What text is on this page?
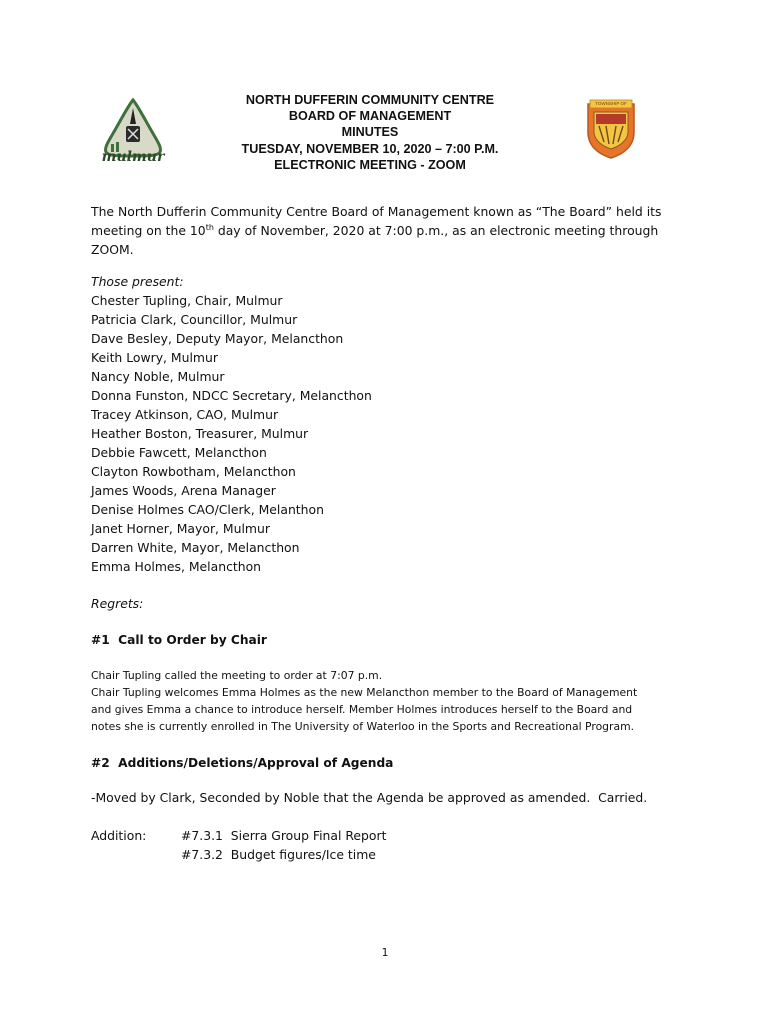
mulmur
NORTH DUFFERIN COMMUNITY CENTRE
BOARD OF MANAGEMENT
MINUTES
TUESDAY, NOVEMBER 10, 2020 – 7:00 P.M.
ELECTRONIC MEETING - ZOOM
TOWNSHIP OF
The North Dufferin Community Centre Board of Management known as “The Board” held its
meeting on the 10th day of November, 2020 at 7:00 p.m., as an electronic meeting through
ZOOM.
Those present:
Chester Tupling, Chair, Mulmur
Patricia Clark, Councillor, Mulmur
Dave Besley, Deputy Mayor, Melancthon
Keith Lowry, Mulmur
Nancy Noble, Mulmur
Donna Funston, NDCC Secretary, Melancthon
Tracey Atkinson, CAO, Mulmur
Heather Boston, Treasurer, Mulmur
Debbie Fawcett, Melancthon
Clayton Rowbotham, Melancthon
James Woods, Arena Manager
Denise Holmes CAO/Clerk, Melanthon
Janet Horner, Mayor, Mulmur
Darren White, Mayor, Melancthon
Emma Holmes, Melancthon
Regrets:
#1  Call to Order by Chair
Chair Tupling called the meeting to order at 7:07 p.m.
Chair Tupling welcomes Emma Holmes as the new Melancthon member to the Board of Management
and gives Emma a chance to introduce herself. Member Holmes introduces herself to the Board and
notes she is currently enrolled in The University of Waterloo in the Sports and Recreational Program.
#2  Additions/Deletions/Approval of Agenda
-Moved by Clark, Seconded by Noble that the Agenda be approved as amended.  Carried.
Addition:	#7.3.1  Sierra Group Final Report
#7.3.2  Budget figures/Ice time
1
